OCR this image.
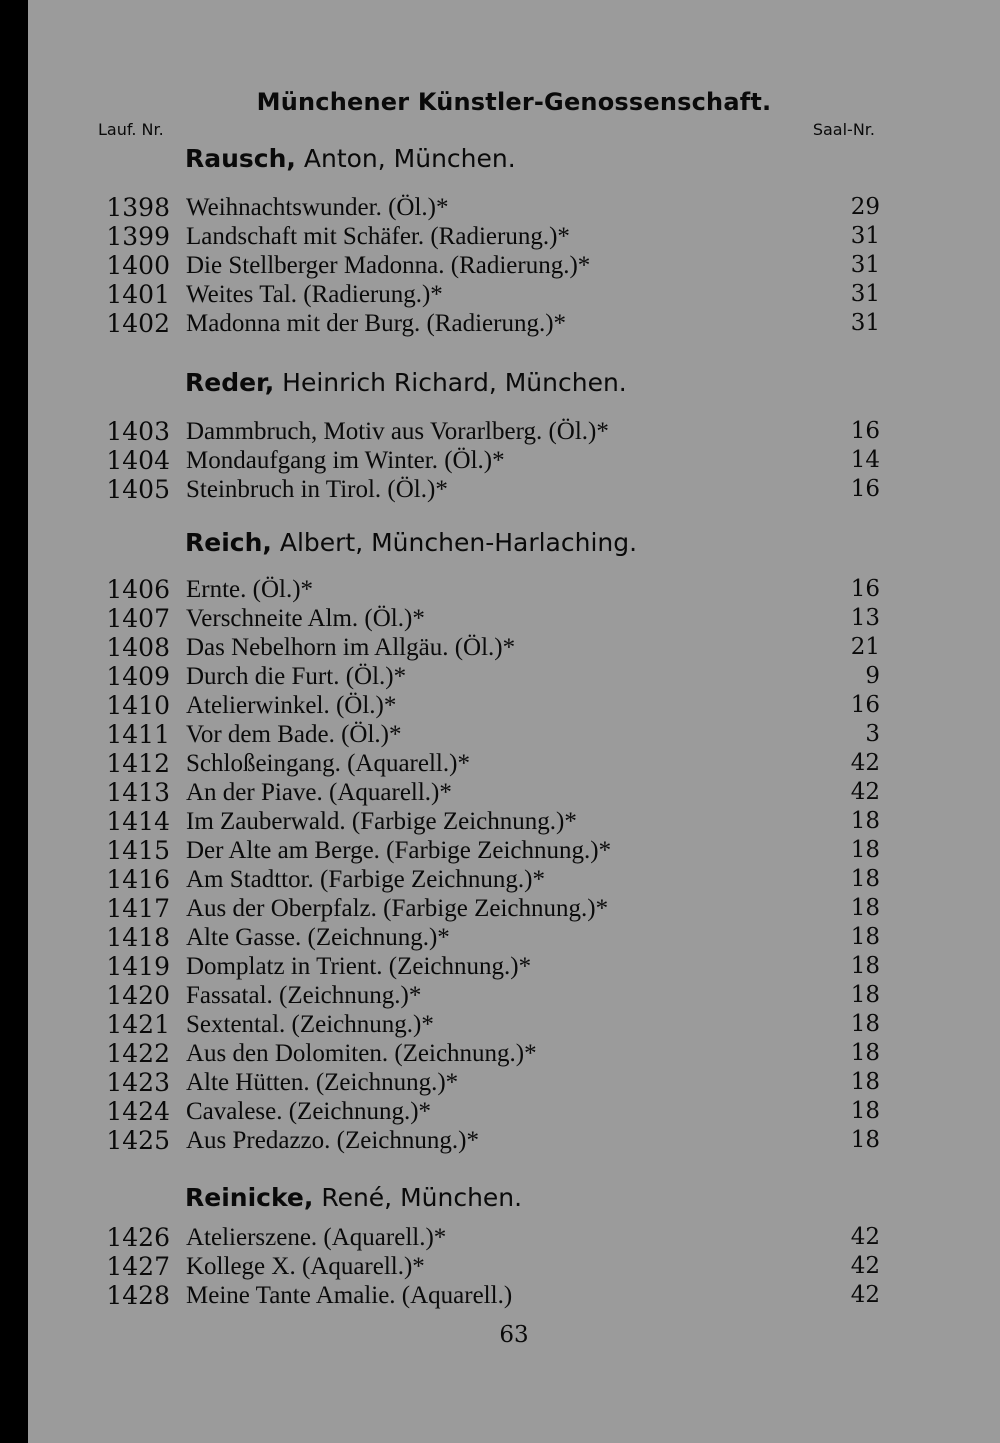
Münchener Künstler-Genossenschaft.
Lauf. Nr.	Saal-Nr.
Rausch, Anton, München.
1398 Weihnachtswunder. (Öl.)*	29
1399 Landschaft mit Schäfer. (Radierung.)*	31
1400 Die Stellberger Madonna. (Radierung.)*	31
1401 Weites Tal. (Radierung.)*	31
1402 Madonna mit der Burg. (Radierung.)*	31
Reder, Heinrich Richard, München.
1403 Dammbruch, Motiv aus Vorarlberg. (Öl.)*	16
1404 Mondaufgang im Winter. (Öl.)*	14
1405 Steinbruch in Tirol. (Öl.)*	16
Reich, Albert, München-Harlaching.
1406 Ernte. (Öl.)*	16
1407 Verschneite Alm. (Öl.)*	13
1408 Das Nebelhorn im Allgäu. (Öl.)*	21
1409 Durch die Furt. (Öl.)*	9
1410 Atelierwinkel. (Öl.)*	16
1411 Vor dem Bade. (Öl.)*	3
1412 Schloßeingang. (Aquarell.)*	42
1413 An der Piave. (Aquarell.)*	42
1414 Im Zauberwald. (Farbige Zeichnung.)*	18
1415 Der Alte am Berge. (Farbige Zeichnung.)*	18
1416 Am Stadttor. (Farbige Zeichnung.)*	18
1417 Aus der Oberpfalz. (Farbige Zeichnung.)*	18
1418 Alte Gasse. (Zeichnung.)*	18
1419 Domplatz in Trient. (Zeichnung.)*	18
1420 Fassatal. (Zeichnung.)*	18
1421 Sextental. (Zeichnung.)*	18
1422 Aus den Dolomiten. (Zeichnung.)*	18
1423 Alte Hütten. (Zeichnung.)*	18
1424 Cavalese. (Zeichnung.)*	18
1425 Aus Predazzo. (Zeichnung.)*	18
Reinicke, René, München.
1426 Atelierszene. (Aquarell.)*	42
1427 Kollege X. (Aquarell.)*	42
1428 Meine Tante Amalie. (Aquarell.)	42
63
